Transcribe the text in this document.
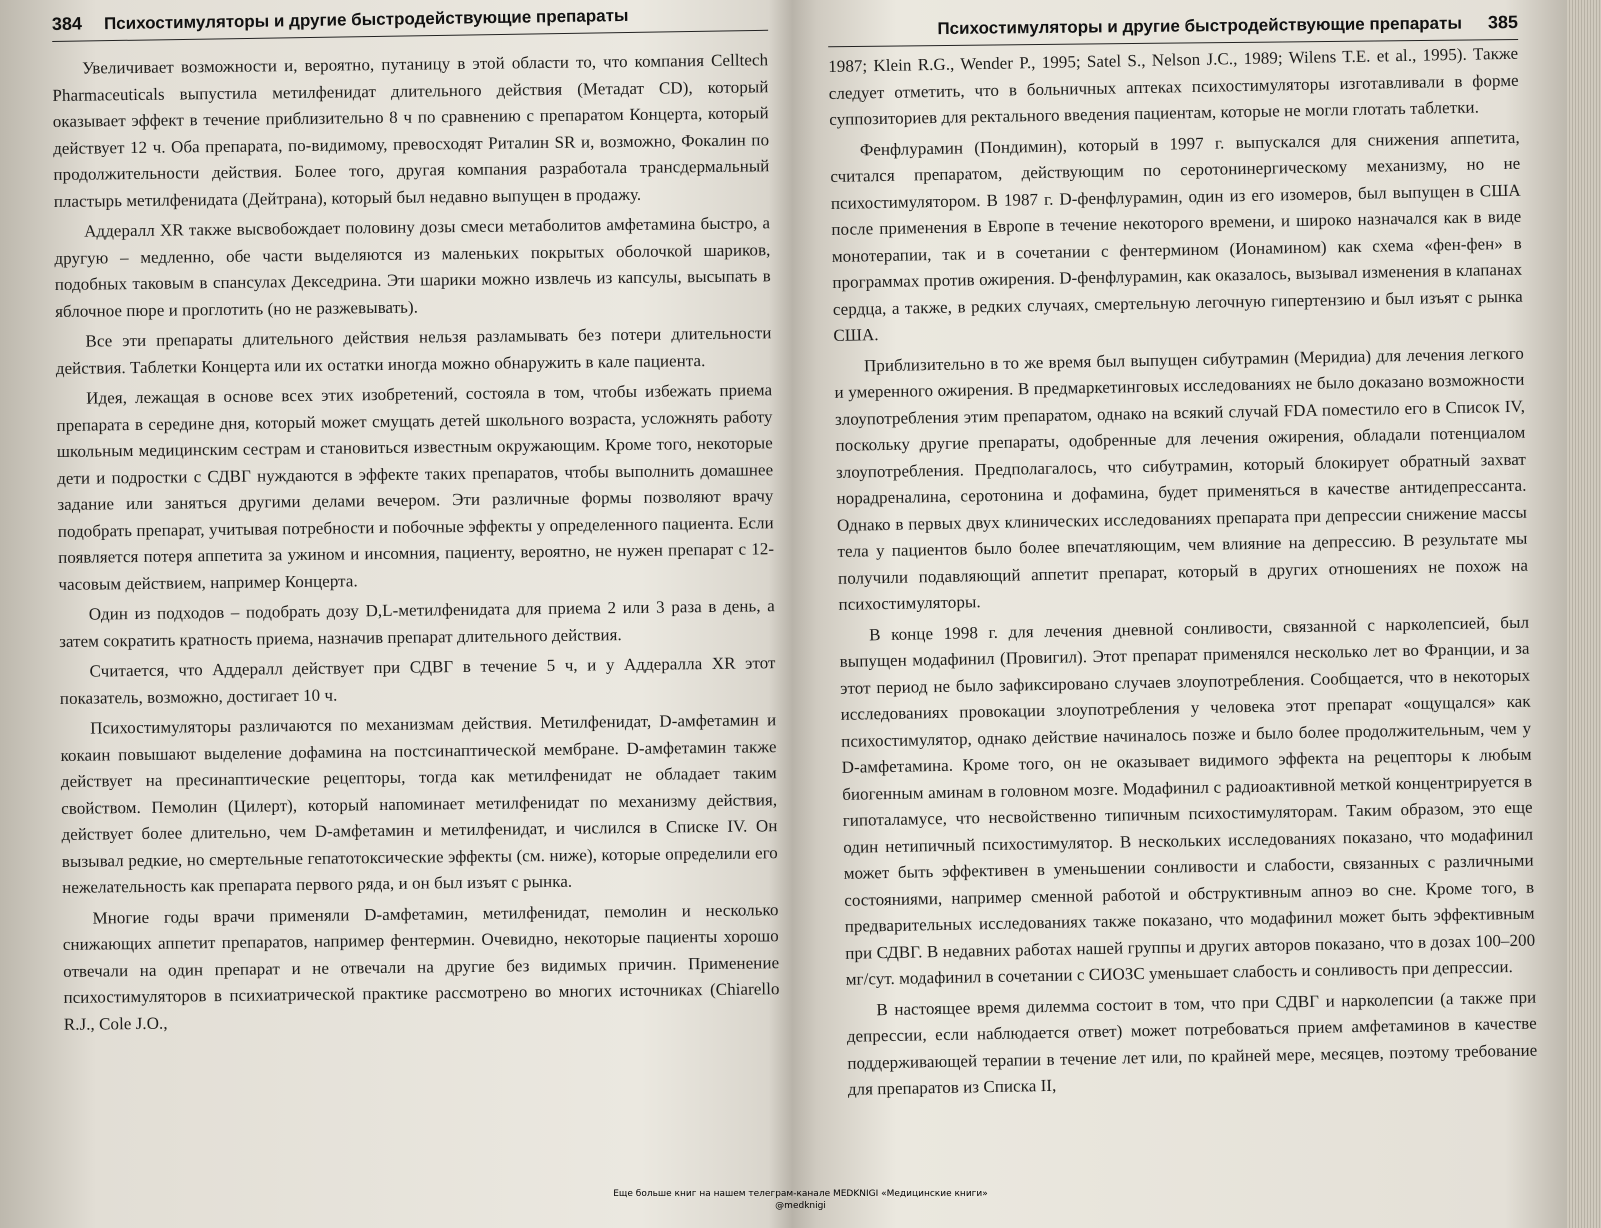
384 Психостимуляторы и другие быстродействующие препараты

Увеличивает возможности и, вероятно, путаницу в этой области то, что компания Celltech Pharmaceuticals выпустила метилфенидат длительного действия (Метадат CD), который оказывает эффект в течение приблизительно 8 ч по сравнению с препаратом Концерта, который действует 12 ч. Оба препарата, по-видимому, превосходят Риталин SR и, возможно, Фокалин по продолжительности действия. Более того, другая компания разработала трансдермальный пластырь метилфенидата (Дейтрана), который был недавно выпущен в продажу.

Аддералл XR также высвобождает половину дозы смеси метаболитов амфетамина быстро, а другую – медленно, обе части выделяются из маленьких покрытых оболочкой шариков, подобных таковым в спансулах Декседрина. Эти шарики можно извлечь из капсулы, высыпать в яблочное пюре и проглотить (но не разжевывать).

Все эти препараты длительного действия нельзя разламывать без потери длительности действия. Таблетки Концерта или их остатки иногда можно обнаружить в кале пациента.

Идея, лежащая в основе всех этих изобретений, состояла в том, чтобы избежать приема препарата в середине дня, который может смущать детей школьного возраста, усложнять работу школьным медицинским сестрам и становиться известным окружающим. Кроме того, некоторые дети и подростки с СДВГ нуждаются в эффекте таких препаратов, чтобы выполнить домашнее задание или заняться другими делами вечером. Эти различные формы позволяют врачу подобрать препарат, учитывая потребности и побочные эффекты у определенного пациента. Если появляется потеря аппетита за ужином и инсомния, пациенту, вероятно, не нужен препарат с 12-часовым действием, например Концерта.

Один из подходов – подобрать дозу D,L-метилфенидата для приема 2 или 3 раза в день, а затем сократить кратность приема, назначив препарат длительного действия.

Считается, что Аддералл действует при СДВГ в течение 5 ч, и у Аддералла XR этот показатель, возможно, достигает 10 ч.

Психостимуляторы различаются по механизмам действия. Метилфенидат, D-амфетамин и кокаин повышают выделение дофамина на постсинаптической мембране. D-амфетамин также действует на пресинаптические рецепторы, тогда как метилфенидат не обладает таким свойством. Пемолин (Цилерт), который напоминает метилфенидат по механизму действия, действует более длительно, чем D-амфетамин и метилфенидат, и числился в Списке IV. Он вызывал редкие, но смертельные гепатотоксические эффекты (см. ниже), которые определили его нежелательность как препарата первого ряда, и он был изъят с рынка.

Многие годы врачи применяли D-амфетамин, метилфенидат, пемолин и несколько снижающих аппетит препаратов, например фентермин. Очевидно, некоторые пациенты хорошо отвечали на один препарат и не отвечали на другие без видимых причин. Применение психостимуляторов в психиатрической практике рассмотрено во многих источниках (Chiarello R.J., Cole J.O.,

Психостимуляторы и другие быстродействующие препараты 385

1987; Klein R.G., Wender P., 1995; Satel S., Nelson J.C., 1989; Wilens T.E. et al., 1995). Также следует отметить, что в больничных аптеках психостимуляторы изготавливали в форме суппозиториев для ректального введения пациентам, которые не могли глотать таблетки.

Фенфлурамин (Пондимин), который в 1997 г. выпускался для снижения аппетита, считался препаратом, действующим по серотонинергическому механизму, но не психостимулятором. В 1987 г. D-фенфлурамин, один из его изомеров, был выпущен в США после применения в Европе в течение некоторого времени, и широко назначался как в виде монотерапии, так и в сочетании с фентермином (Ионамином) как схема «фен-фен» в программах против ожирения. D-фенфлурамин, как оказалось, вызывал изменения в клапанах сердца, а также, в редких случаях, смертельную легочную гипертензию и был изъят с рынка США.

Приблизительно в то же время был выпущен сибутрамин (Меридиа) для лечения легкого и умеренного ожирения. В предмаркетинговых исследованиях не было доказано возможности злоупотребления этим препаратом, однако на всякий случай FDA поместило его в Список IV, поскольку другие препараты, одобренные для лечения ожирения, обладали потенциалом злоупотребления. Предполагалось, что сибутрамин, который блокирует обратный захват норадреналина, серотонина и дофамина, будет применяться в качестве антидепрессанта. Однако в первых двух клинических исследованиях препарата при депрессии снижение массы тела у пациентов было более впечатляющим, чем влияние на депрессию. В результате мы получили подавляющий аппетит препарат, который в других отношениях не похож на психостимуляторы.

В конце 1998 г. для лечения дневной сонливости, связанной с нарколепсией, был выпущен модафинил (Провигил). Этот препарат применялся несколько лет во Франции, и за этот период не было зафиксировано случаев злоупотребления. Сообщается, что в некоторых исследованиях провокации злоупотребления у человека этот препарат «ощущался» как психостимулятор, однако действие начиналось позже и было более продолжительным, чем у D-амфетамина. Кроме того, он не оказывает видимого эффекта на рецепторы к любым биогенным аминам в головном мозге. Модафинил с радиоактивной меткой концентрируется в гипоталамусе, что несвойственно типичным психостимуляторам. Таким образом, это еще один нетипичный психостимулятор. В нескольких исследованиях показано, что модафинил может быть эффективен в уменьшении сонливости и слабости, связанных с различными состояниями, например сменной работой и обструктивным апноэ во сне. Кроме того, в предварительных исследованиях также показано, что модафинил может быть эффективным при СДВГ. В недавних работах нашей группы и других авторов показано, что в дозах 100–200 мг/сут. модафинил в сочетании с СИОЗС уменьшает слабость и сонливость при депрессии.

В настоящее время дилемма состоит в том, что при СДВГ и нарколепсии (а также при депрессии, если наблюдается ответ) может потребоваться прием амфетаминов в качестве поддерживающей терапии в течение лет или, по крайней мере, месяцев, поэтому требование для препаратов из Списка II,

Еще больше книг на нашем телеграм-канале MEDKNIGI «Медицинские книги»
@medknigi
